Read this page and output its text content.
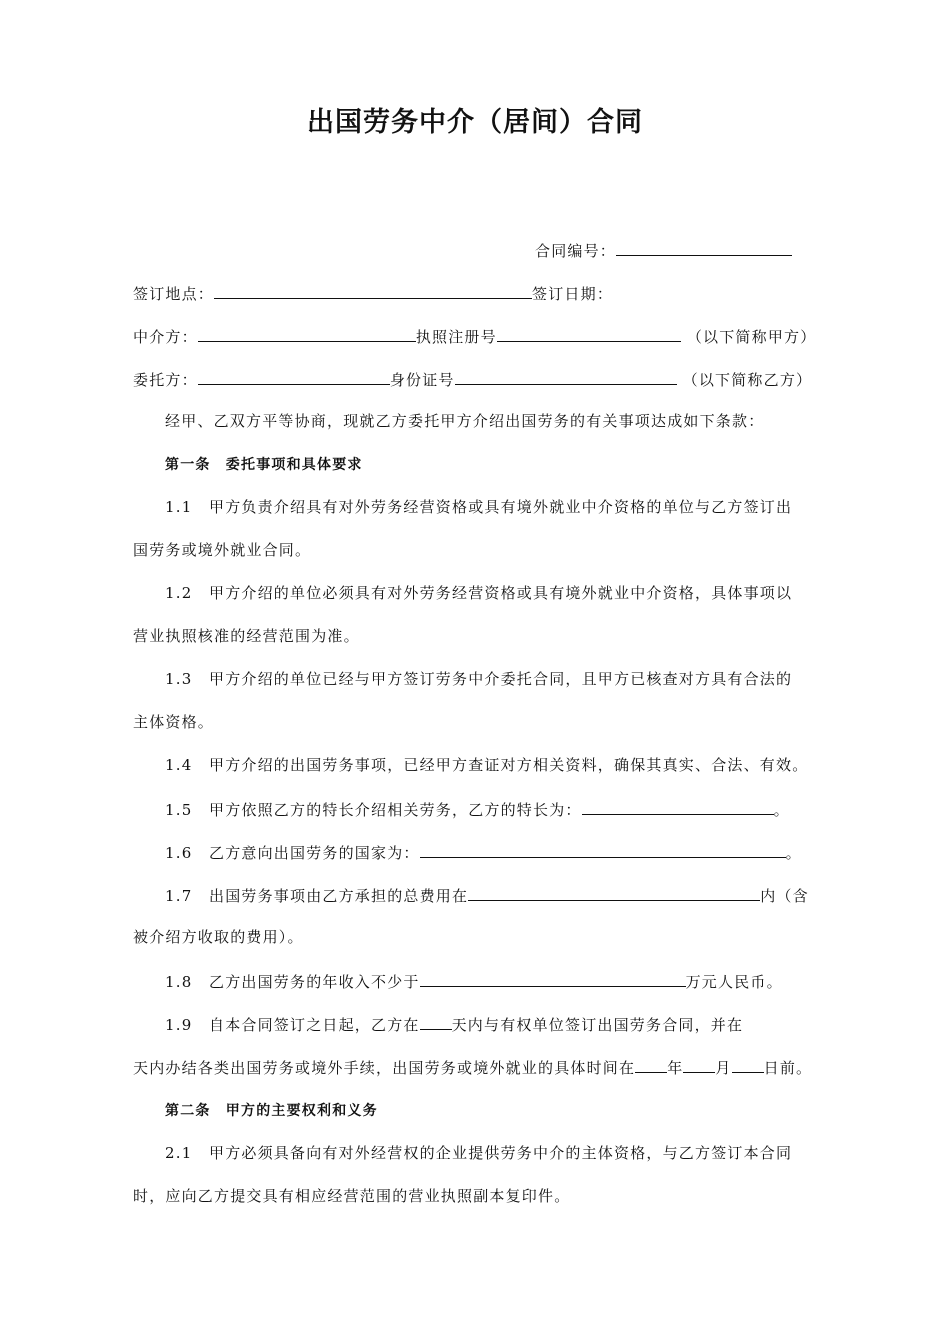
出国劳务中介（居间）合同
合同编号：
签订地点：	签订日期：
中介方：	执照注册号	（以下简称甲方）
委托方：	身份证号	（以下简称乙方）
经甲、乙双方平等协商，现就乙方委托甲方介绍出国劳务的有关事项达成如下条款：
第一条　委托事项和具体要求
1.1 甲方负责介绍具有对外劳务经营资格或具有境外就业中介资格的单位与乙方签订出
国劳务或境外就业合同。
1.2 甲方介绍的单位必须具有对外劳务经营资格或具有境外就业中介资格，具体事项以
营业执照核准的经营范围为准。
1.3 甲方介绍的单位已经与甲方签订劳务中介委托合同，且甲方已核查对方具有合法的
主体资格。
1.4 甲方介绍的出国劳务事项，已经甲方查证对方相关资料，确保其真实、合法、有效。
1.5 甲方依照乙方的特长介绍相关劳务，乙方的特长为：	。
1.6 乙方意向出国劳务的国家为：	。
1.7 出国劳务事项由乙方承担的总费用在	内（含
被介绍方收取的费用）。
1.8 乙方出国劳务的年收入不少于	万元人民币。
1.9 自本合同签订之日起，乙方在 天内与有权单位签订出国劳务合同，并在
天内办结各类出国劳务或境外手续，出国劳务或境外就业的具体时间在 年 月 日前。
第二条　甲方的主要权利和义务
2.1 甲方必须具备向有对外经营权的企业提供劳务中介的主体资格，与乙方签订本合同
时，应向乙方提交具有相应经营范围的营业执照副本复印件。
